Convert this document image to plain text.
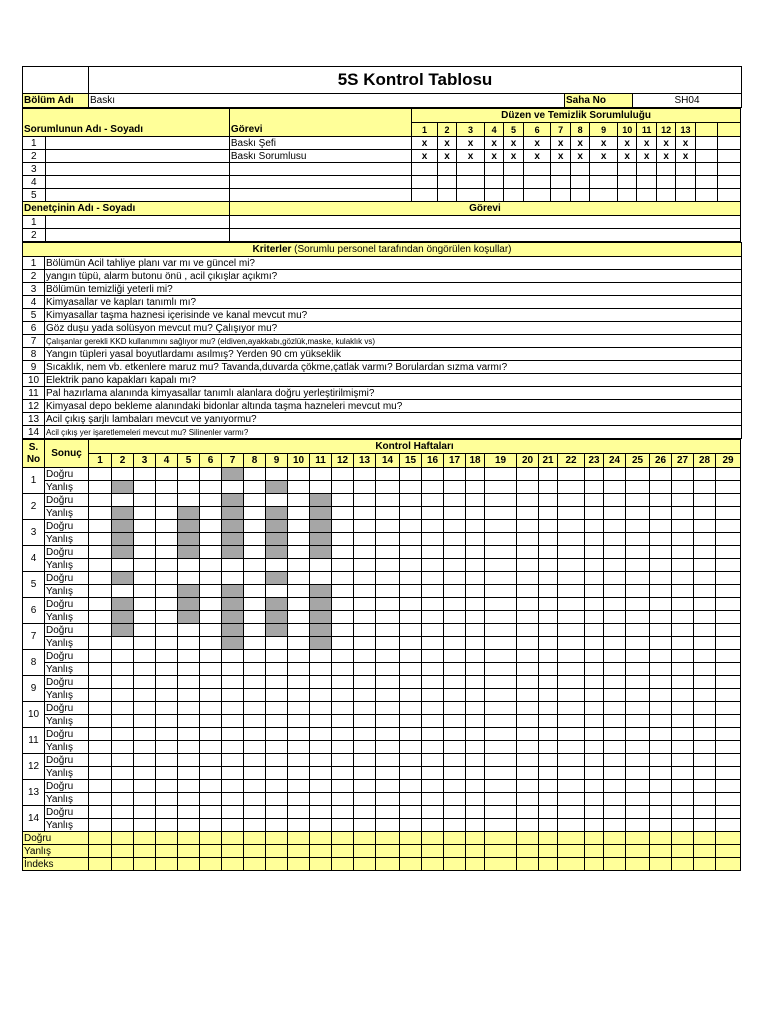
	5S Kontrol Tablosu		
Bölüm Adı	Baskı	Saha No	SH04
Sorumlunun Adı - Soyadı		Görevi	Düzen ve Temizlik Sorumluluğu														
			1	2	3	4	5	6	7	8	9	10	11	12	13		
1		Baskı Şefi	x	x	x	x	x	x	x	x	x	x	x	x	x		
2		Baskı Sorumlusu	x	x	x	x	x	x	x	x	x	x	x	x	x		
3																	
4																	
5																	
Denetçinin Adı - Soyadı		Görevi															
1																	
2																	
Kriterler (Sorumlu personel tarafından öngörülen koşullar)	
1	Bölümün Acil tahliye planı var mı ve güncel mi?
2	yangın tüpü, alarm butonu önü , acil çıkışlar açıkmı?
3	Bölümün temizliği yeterli mi?
4	Kimyasallar ve kapları tanımlı mı?
5	Kimyasallar taşma haznesi içerisinde ve kanal mevcut mu?
6	Göz duşu yada solüsyon mevcut mu? Çalışıyor mu?
7	Çalışanlar gerekli KKD kullanımını sağlıyor mu? (eldiven,ayakkabı,gözlük,maske, kulaklık vs)
8	Yangın tüpleri yasal boyutlardamı asılmış? Yerden 90 cm yükseklik
9	Sıcaklık, nem vb. etkenlere maruz mu? Tavanda,duvarda çökme,çatlak varmı? Borulardan sızma varmı?
10	Elektrik pano kapakları kapalı mı?
11	Pal hazırlama alanında kimyasallar tanımlı alanlara doğru yerleştirilmişmi?
12	Kimyasal depo bekleme alanındaki bidonlar altında taşma hazneleri mevcut mu?
13	Acil çıkış şarjlı lambaları mevcut ve yanıyormu?
14	Acil çıkış yer işaretlemeleri mevcut mu? Silinenler varmı?
S. No	Sonuç	Kontrol Haftaları																												
		1	2	3	4	5	6	7	8	9	10	11	12	13	14	15	16	17	18	19	20	21	22	23	24	25	26	27	28	29
1	Doğru																													
	Yanlış																													
2	Doğru																													
	Yanlış																													
3	Doğru																													
	Yanlış																													
4	Doğru																													
	Yanlış																													
5	Doğru																													
	Yanlış																													
6	Doğru																													
	Yanlış																													
7	Doğru																													
	Yanlış																													
8	Doğru																													
	Yanlış																													
9	Doğru																													
	Yanlış																													
10	Doğru																													
	Yanlış																													
11	Doğru																													
	Yanlış																													
12	Doğru																													
	Yanlış																													
13	Doğru																													
	Yanlış																													
14	Doğru																													
	Yanlış																													
Doğru																														
Yanlış																														
İndeks																														
